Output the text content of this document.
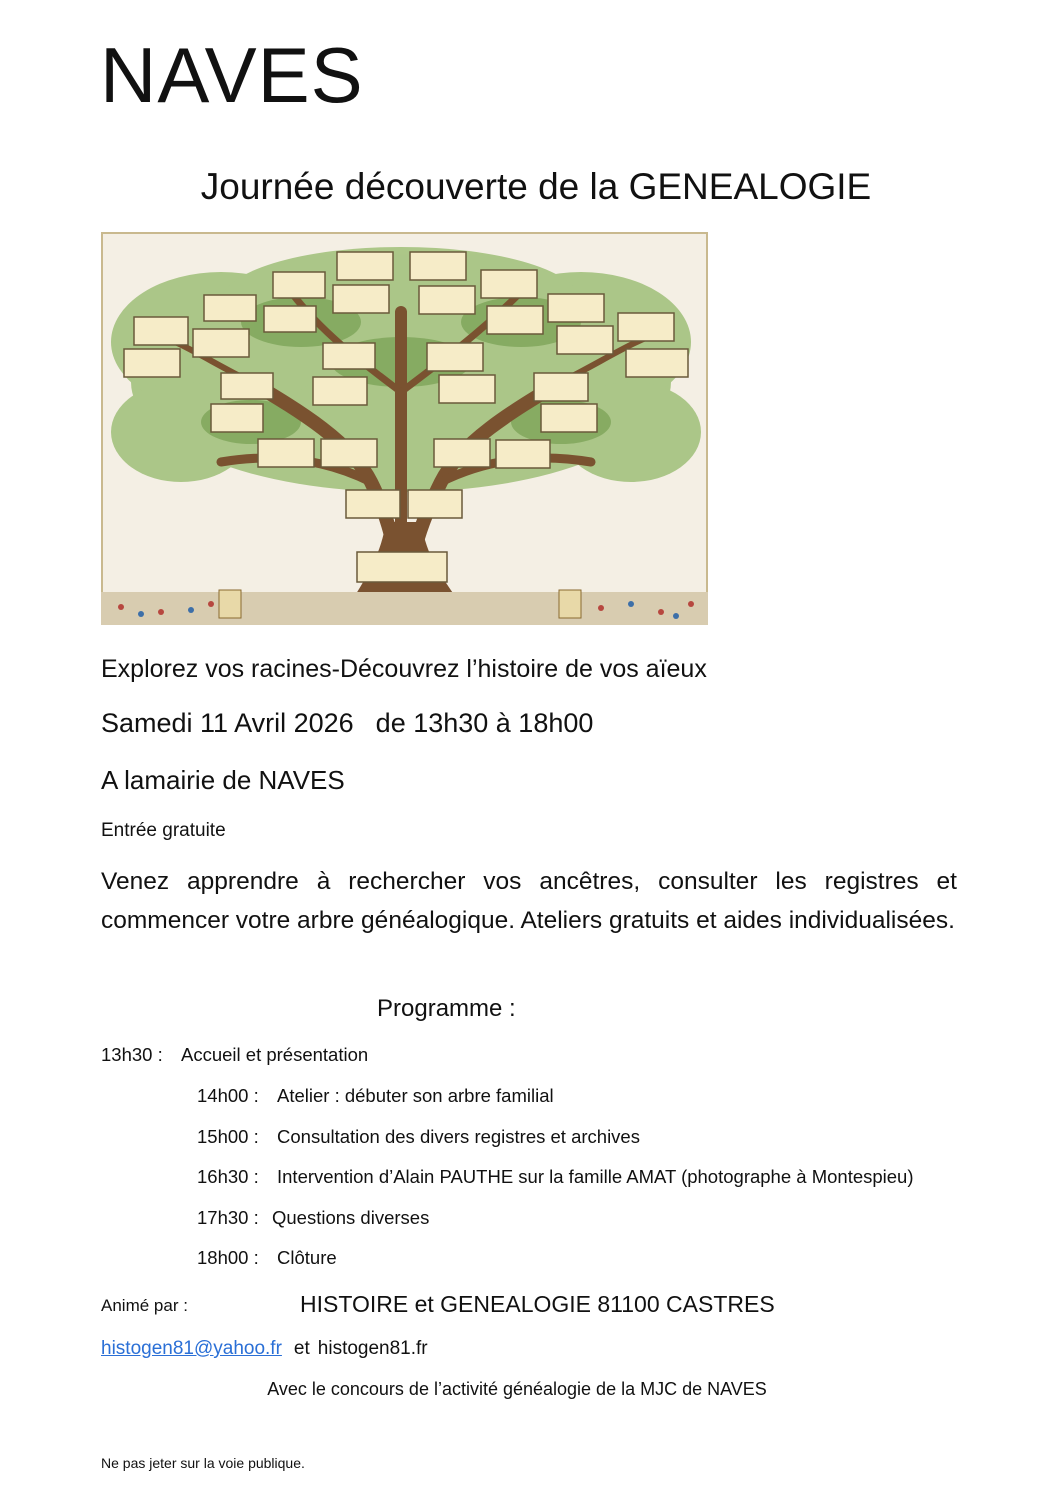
NAVES
Journée découverte de la GENEALOGIE
Explorez vos racines-Découvrez l’histoire de vos aïeux
Samedi 11 Avril 2026 de 13h30 à 18h00
A lamairie de NAVES
Entrée gratuite
Venez apprendre à rechercher vos ancêtres, consulter les registres et commencer votre arbre généalogique. Ateliers gratuits et aides individualisées.
Programme :
13h30 : Accueil et présentation
14h00 : Atelier : débuter son arbre familial
15h00 : Consultation des divers registres et archives
16h30 : Intervention d’Alain PAUTHE sur la famille AMAT (photographe à Montespieu)
17h30 : Questions diverses
18h00 : Clôture
Animé par :	HISTOIRE et GENEALOGIE 81100 CASTRES
histogen81@yahoo.fr et histogen81.fr
Avec le concours de l’activité généalogie de la MJC de NAVES
Ne pas jeter sur la voie publique.
